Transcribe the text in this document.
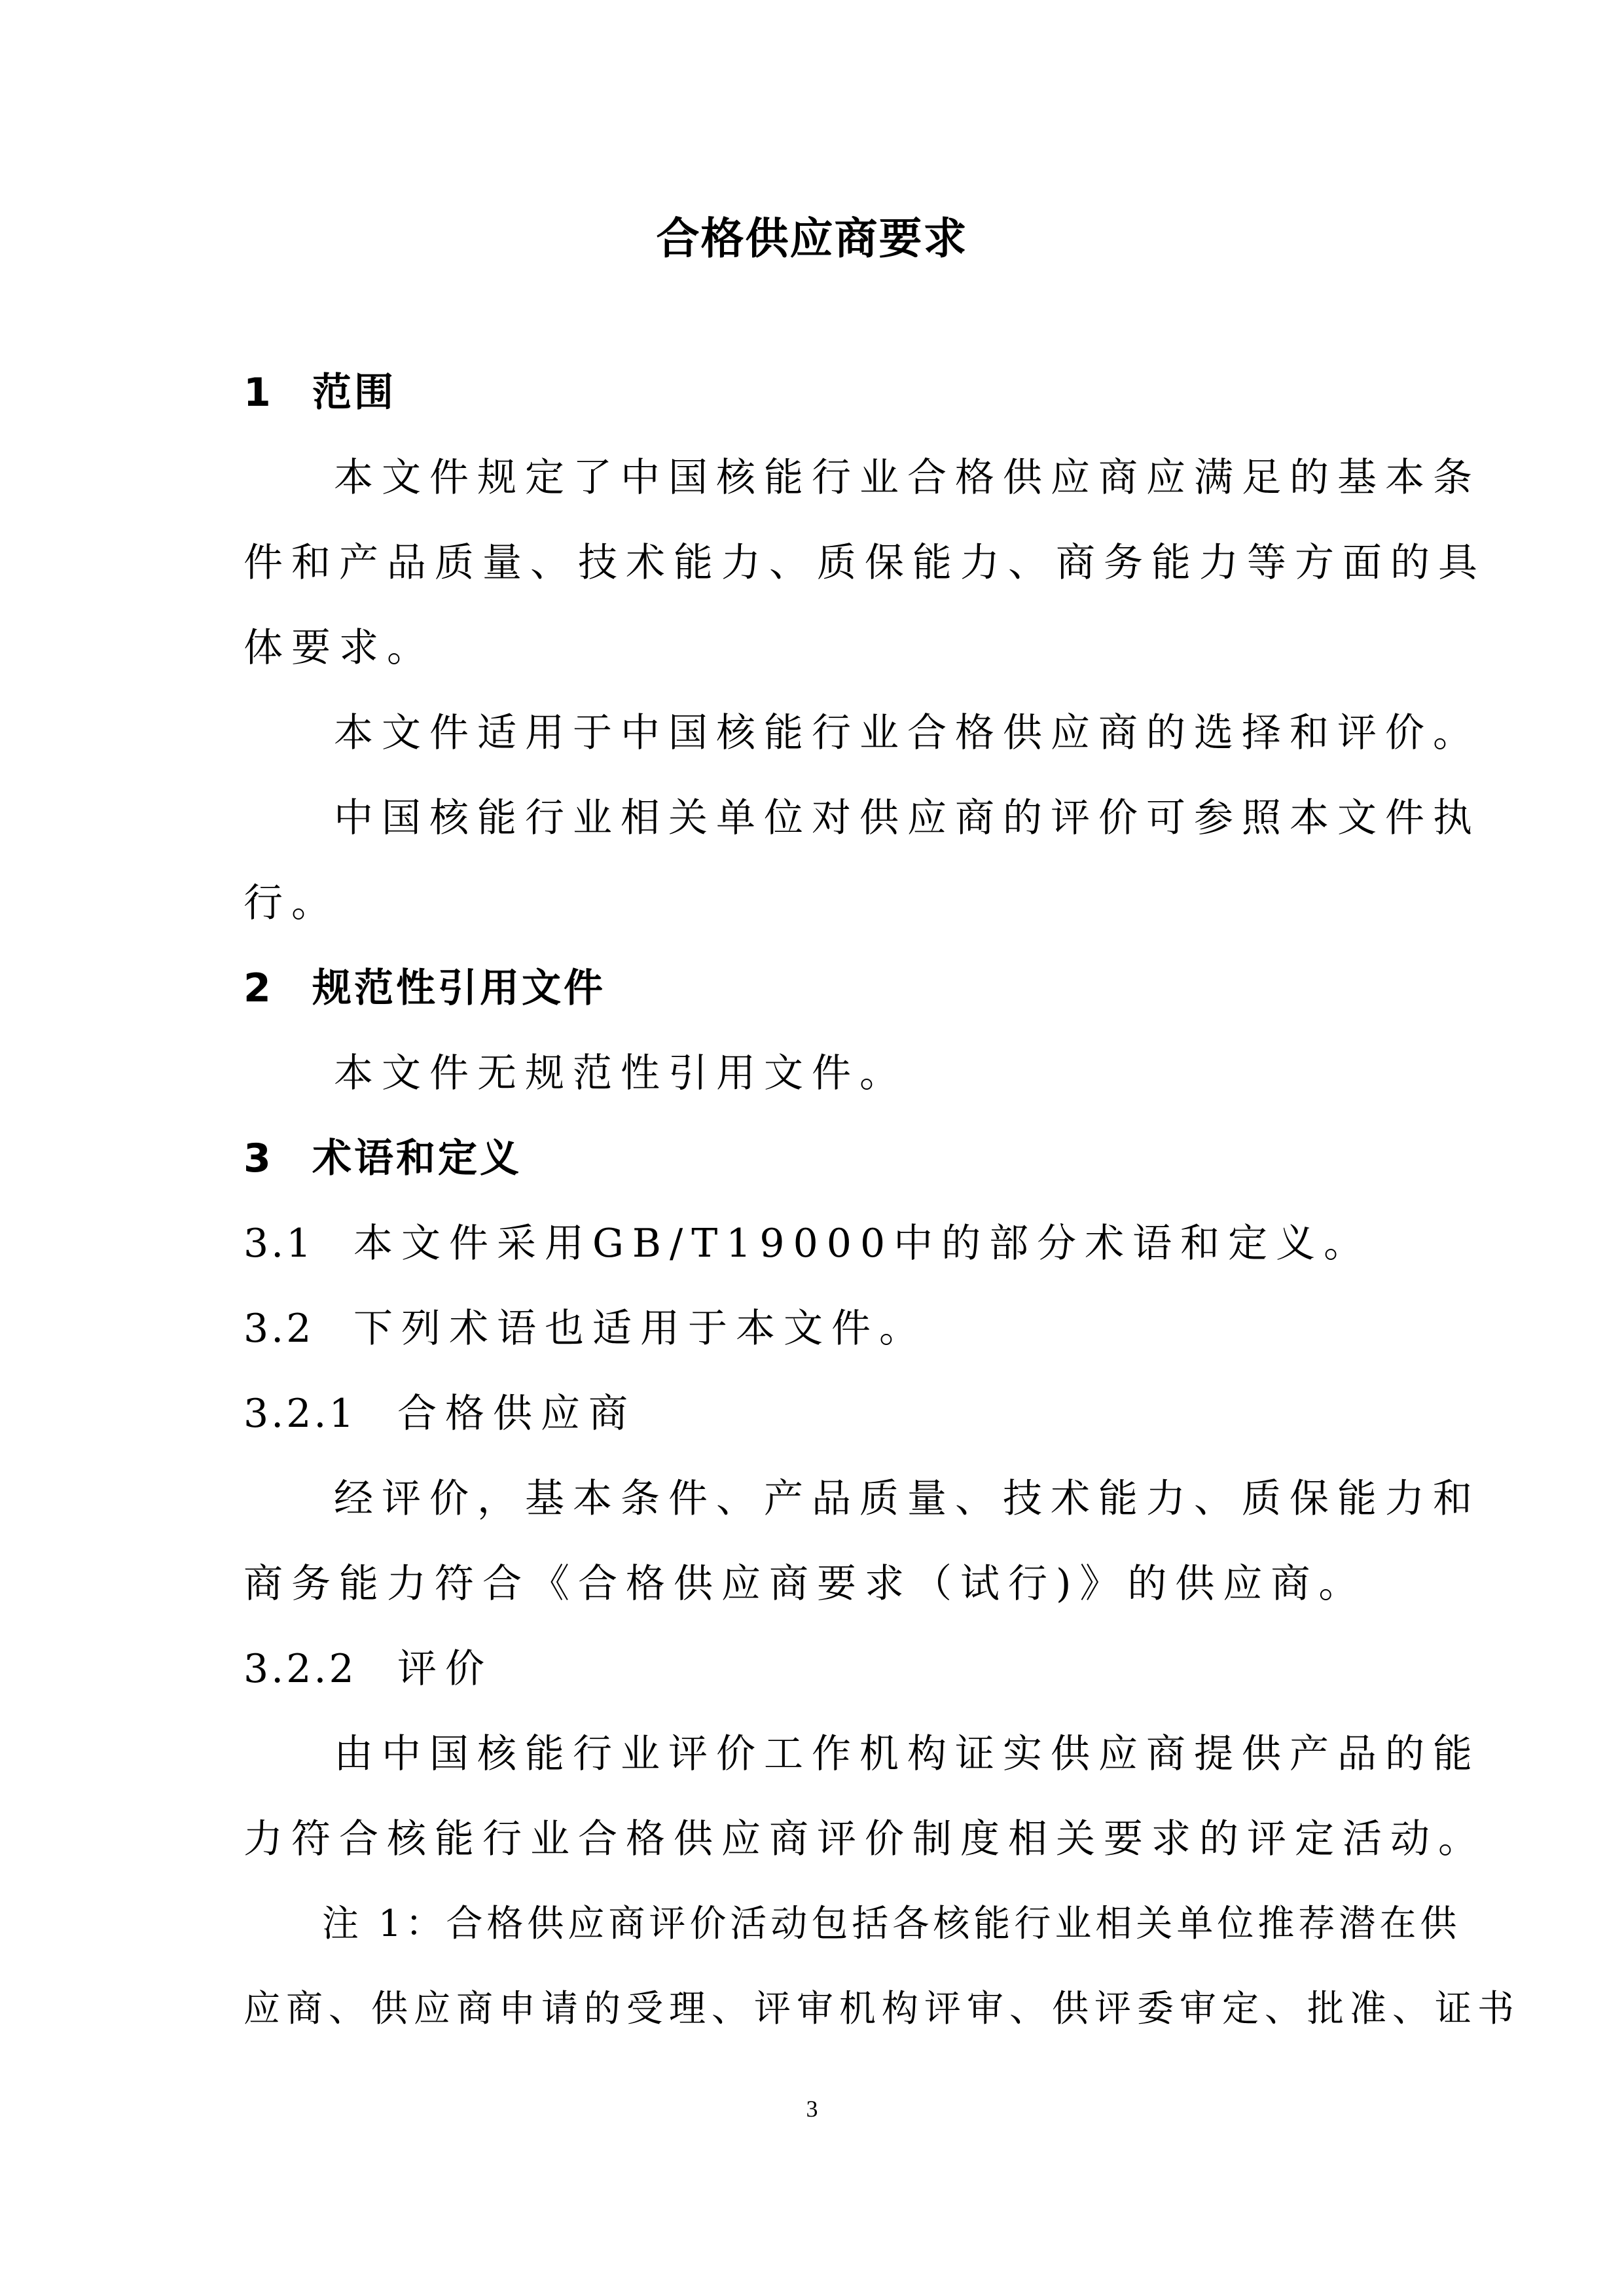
合格供应商要求
1 范围
本文件规定了中国核能行业合格供应商应满足的基本条
件和产品质量、技术能力、质保能力、商务能力等方面的具
体要求。
本文件适用于中国核能行业合格供应商的选择和评价。
中国核能行业相关单位对供应商的评价可参照本文件执
行。
2 规范性引用文件
本文件无规范性引用文件。
3 术语和定义
3.1 本文件采用GB/T19000中的部分术语和定义。
3.2 下列术语也适用于本文件。
3.2.1 合格供应商
经评价，基本条件、产品质量、技术能力、质保能力和
商务能力符合《合格供应商要求（试行)》的供应商。
3.2.2 评价
由中国核能行业评价工作机构证实供应商提供产品的能
力符合核能行业合格供应商评价制度相关要求的评定活动。
注 1：合格供应商评价活动包括各核能行业相关单位推荐潜在供
应商、供应商申请的受理、评审机构评审、供评委审定、批准、证书
3
